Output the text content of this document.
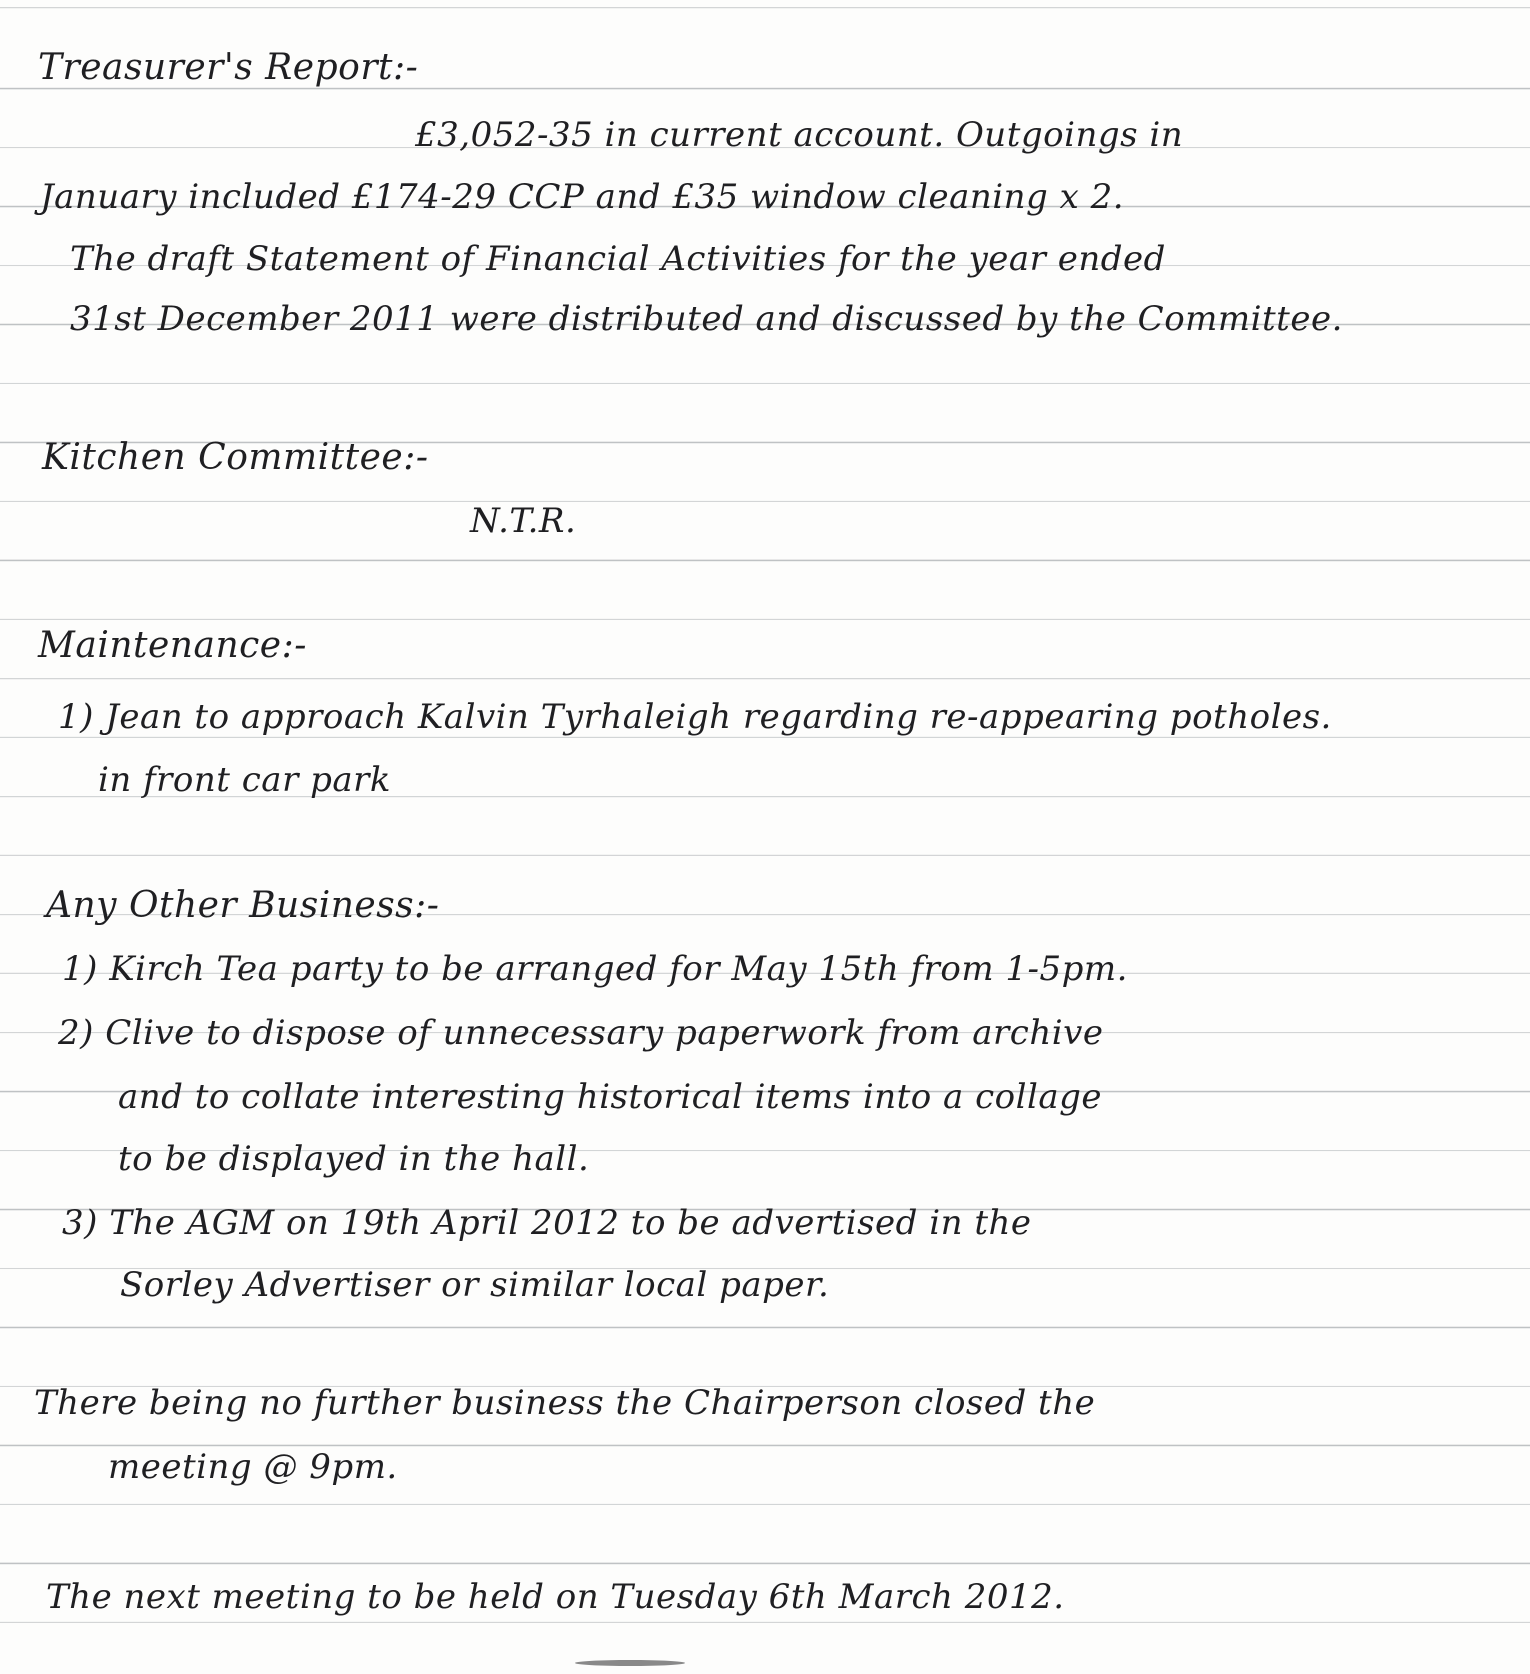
Treasurer's Report:-
£3,052-35 in current account. Outgoings in
January included £174-29 CCP and £35 window cleaning x 2.
The draft Statement of Financial Activities for the year ended
31st December 2011 were distributed and discussed by the Committee.
Kitchen Committee:-
N.T.R.
Maintenance:-
1) Jean to approach Kalvin Tyrhaleigh regarding re-appearing potholes.
in front car park
Any Other Business:-
1) Kirch Tea party to be arranged for May 15th from 1-5pm.
2) Clive to dispose of unnecessary paperwork from archive
and to collate interesting historical items into a collage
to be displayed in the hall.
3) The AGM on 19th April 2012 to be advertised in the
Sorley Advertiser or similar local paper.
There being no further business the Chairperson closed the
meeting @ 9pm.
The next meeting to be held on Tuesday 6th March 2012.
